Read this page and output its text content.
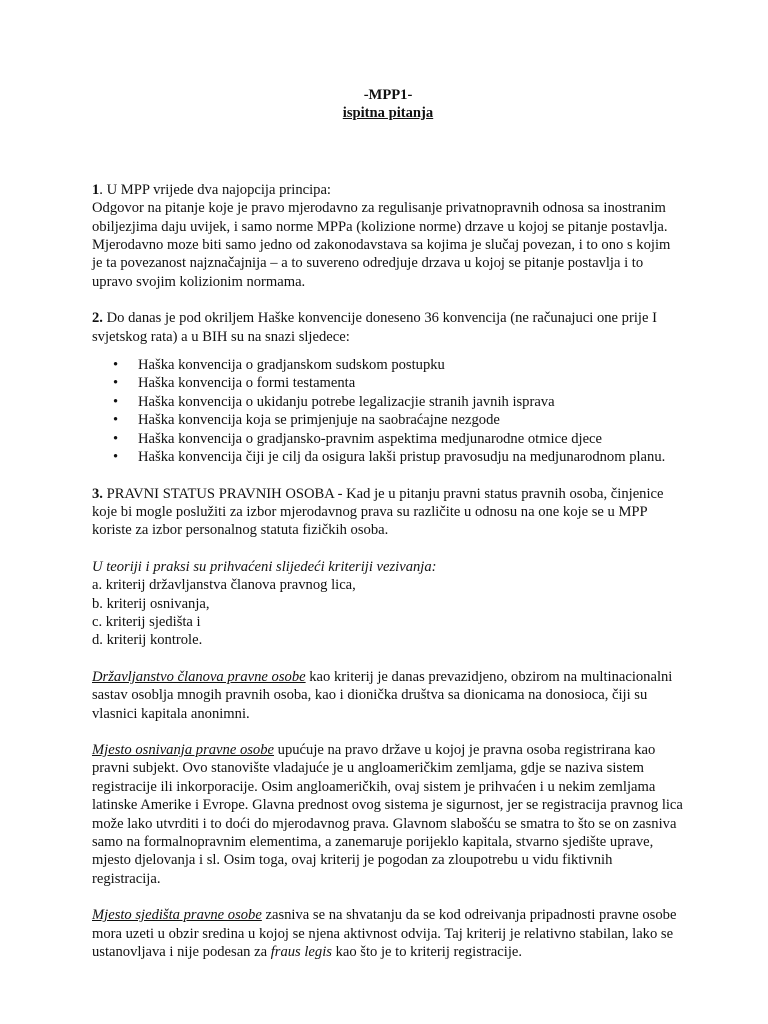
-MPP1-
ispitna pitanja

1. U MPP vrijede dva najopcija principa:

Odgovor na pitanje koje je pravo mjerodavno za regulisanje privatnopravnih odnosa sa inostranim obiljezjima daju uvijek, i samo norme MPPa (kolizione norme) drzave u kojoj se pitanje postavlja.

Mjerodavno moze biti samo jedno od zakonodavstava sa kojima je slučaj povezan, i to ono s kojim je ta povezanost najznačajnija – a to suvereno odredjuje drzava u kojoj se pitanje postavlja i to upravo svojim kolizionim normama.

2. Do danas je pod okriljem Haške konvencije doneseno 36 konvencija (ne računajuci one prije I svjetskog rata) a u BIH su na snazi sljedece:

• Haška konvencija o gradjanskom sudskom postupku
• Haška konvencija o formi testamenta
• Haška konvencija o ukidanju potrebe legalizacjie stranih javnih isprava
• Haška konvencija koja se primjenjuje na saobraćajne nezgode
• Haška konvencija o gradjansko-pravnim aspektima medjunarodne otmice djece
• Haška konvencija čiji je cilj da osigura lakši pristup pravosudju na medjunarodnom planu.

3. PRAVNI STATUS PRAVNIH OSOBA - Kad je u pitanju pravni status pravnih osoba, činjenice koje bi mogle poslužiti za izbor mjerodavnog prava su različite u odnosu na one koje se u MPP koriste za izbor personalnog statuta fizičkih osoba.

U teoriji i praksi su prihvaćeni slijedeći kriteriji vezivanja:

a. kriterij državljanstva članova pravnog lica,

b. kriterij osnivanja,

c. kriterij sjedišta i

d. kriterij kontrole.

Državljanstvo članova pravne osobe kao kriterij je danas prevazidjeno, obzirom na multinacionalni sastav osoblja mnogih pravnih osoba, kao i dionička društva sa dionicama na donosioca, čiji su vlasnici kapitala anonimni.

Mjesto osnivanja pravne osobe upućuje na pravo države u kojoj je pravna osoba registrirana kao pravni subjekt. Ovo stanovište vladajuće je u angloameričkim zemljama, gdje se naziva sistem registracije ili inkorporacije. Osim angloameričkih, ovaj sistem je prihvaćen i u nekim zemljama latinske Amerike i Evrope. Glavna prednost ovog sistema je sigurnost, jer se registracija pravnog lica može lako utvrditi i to doći do mjerodavnog prava. Glavnom slabošću se smatra to što se on zasniva samo na formalnopravnim elementima, a zanemaruje porijeklo kapitala, stvarno sjedište uprave, mjesto djelovanja i sl. Osim toga, ovaj kriterij je pogodan za zloupotrebu u vidu fiktivnih registracija.

Mjesto sjedišta pravne osobe zasniva se na shvatanju da se kod odreivanja pripadnosti pravne osobe mora uzeti u obzir sredina u kojoj se njena aktivnost odvija. Taj kriterij je relativno stabilan, lako se ustanovljava i nije podesan za fraus legis kao što je to kriterij registracije.
